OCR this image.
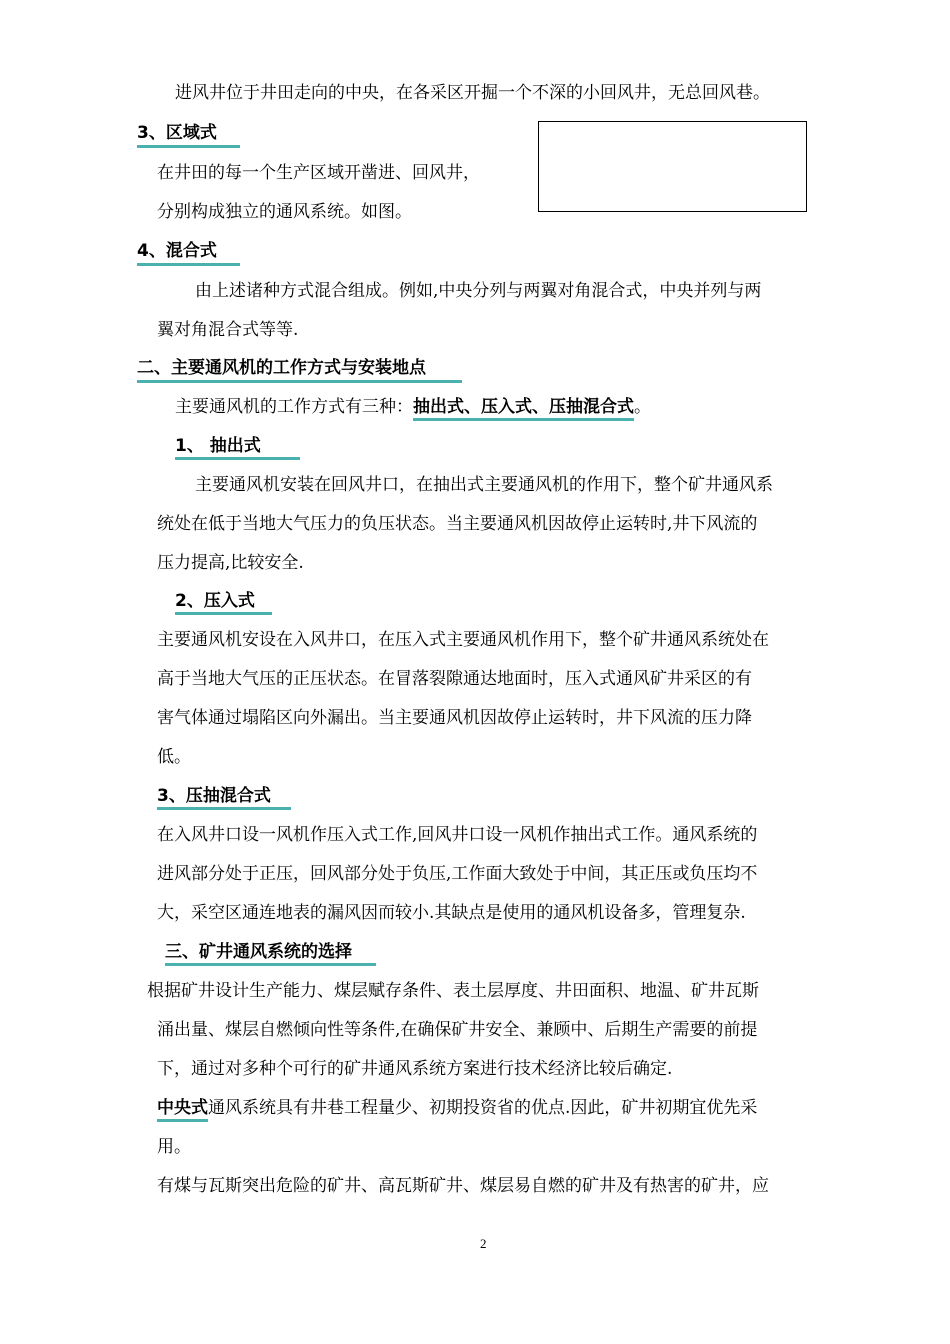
进风井位于井田走向的中央，在各采区开掘一个不深的小回风井，无总回风巷。
3、区域式
在井田的每一个生产区域开凿进、回风井，
分别构成独立的通风系统。如图。
4、混合式
由上述诸种方式混合组成。例如,中央分列与两翼对角混合式，中央并列与两
翼对角混合式等等.
二、主要通风机的工作方式与安装地点
主要通风机的工作方式有三种：抽出式、压入式、压抽混合式
。
1、 抽出式
主要通风机安装在回风井口，在抽出式主要通风机的作用下，整个矿井通风系
统处在低于当地大气压力的负压状态。当主要通风机因故停止运转时,井下风流的
压力提高,比较安全.
2、压入式
主要通风机安设在入风井口，在压入式主要通风机作用下，整个矿井通风系统处在
高于当地大气压的正压状态。在冒落裂隙通达地面时，压入式通风矿井采区的有
害气体通过塌陷区向外漏出。当主要通风机因故停止运转时，井下风流的压力降
低。
3、压抽混合式
在入风井口设一风机作压入式工作,回风井口设一风机作抽出式工作。通风系统的
进风部分处于正压，回风部分处于负压,工作面大致处于中间，其正压或负压均不
大，采空区通连地表的漏风因而较小.其缺点是使用的通风机设备多，管理复杂.
三、矿井通风系统的选择
根据矿井设计生产能力、煤层赋存条件、表土层厚度、井田面积、地温、矿井瓦斯
涌出量、煤层自燃倾向性等条件,在确保矿井安全、兼顾中、后期生产需要的前提
下，通过对多种个可行的矿井通风系统方案进行技术经济比较后确定.
中央式
通风系统具有井巷工程量少、初期投资省的优点.因此，矿井初期宜优先采
用。
有煤与瓦斯突出危险的矿井、高瓦斯矿井、煤层易自燃的矿井及有热害的矿井，应
2
